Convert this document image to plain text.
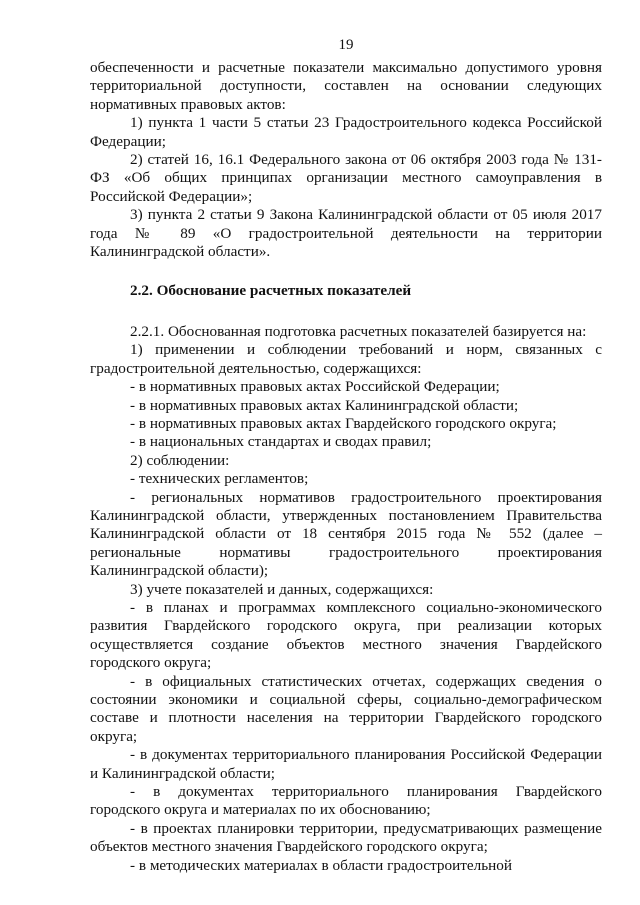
19

обеспеченности и расчетные показатели максимально допустимого уровня территориальной доступности, составлен на основании следующих нормативных правовых актов:

1) пункта 1 части 5 статьи 23 Градостроительного кодекса Российской Федерации;

2) статей 16, 16.1 Федерального закона от 06 октября 2003 года № 131-ФЗ «Об общих принципах организации местного самоуправления в Российской Федерации»;

3) пункта 2 статьи 9 Закона Калининградской области от 05 июля 2017 года № 89 «О градостроительной деятельности на территории Калининградской области».

2.2. Обоснование расчетных показателей

2.2.1. Обоснованная подготовка расчетных показателей базируется на:

1) применении и соблюдении требований и норм, связанных с градостроительной деятельностью, содержащихся:

- в нормативных правовых актах Российской Федерации;

- в нормативных правовых актах Калининградской области;

- в нормативных правовых актах Гвардейского городского округа;

- в национальных стандартах и сводах правил;

2) соблюдении:

- технических регламентов;

- региональных нормативов градостроительного проектирования Калининградской области, утвержденных постановлением Правительства Калининградской области от 18 сентября 2015 года № 552 (далее – региональные нормативы градостроительного проектирования Калининградской области);

3) учете показателей и данных, содержащихся:

- в планах и программах комплексного социально-экономического развития Гвардейского городского округа, при реализации которых осуществляется создание объектов местного значения Гвардейского городского округа;

- в официальных статистических отчетах, содержащих сведения о состоянии экономики и социальной сферы, социально-демографическом составе и плотности населения на территории Гвардейского городского округа;

- в документах территориального планирования Российской Федерации и Калининградской области;

- в документах территориального планирования Гвардейского городского округа и материалах по их обоснованию;

- в проектах планировки территории, предусматривающих размещение объектов местного значения Гвардейского городского округа;

- в методических материалах в области градостроительной
